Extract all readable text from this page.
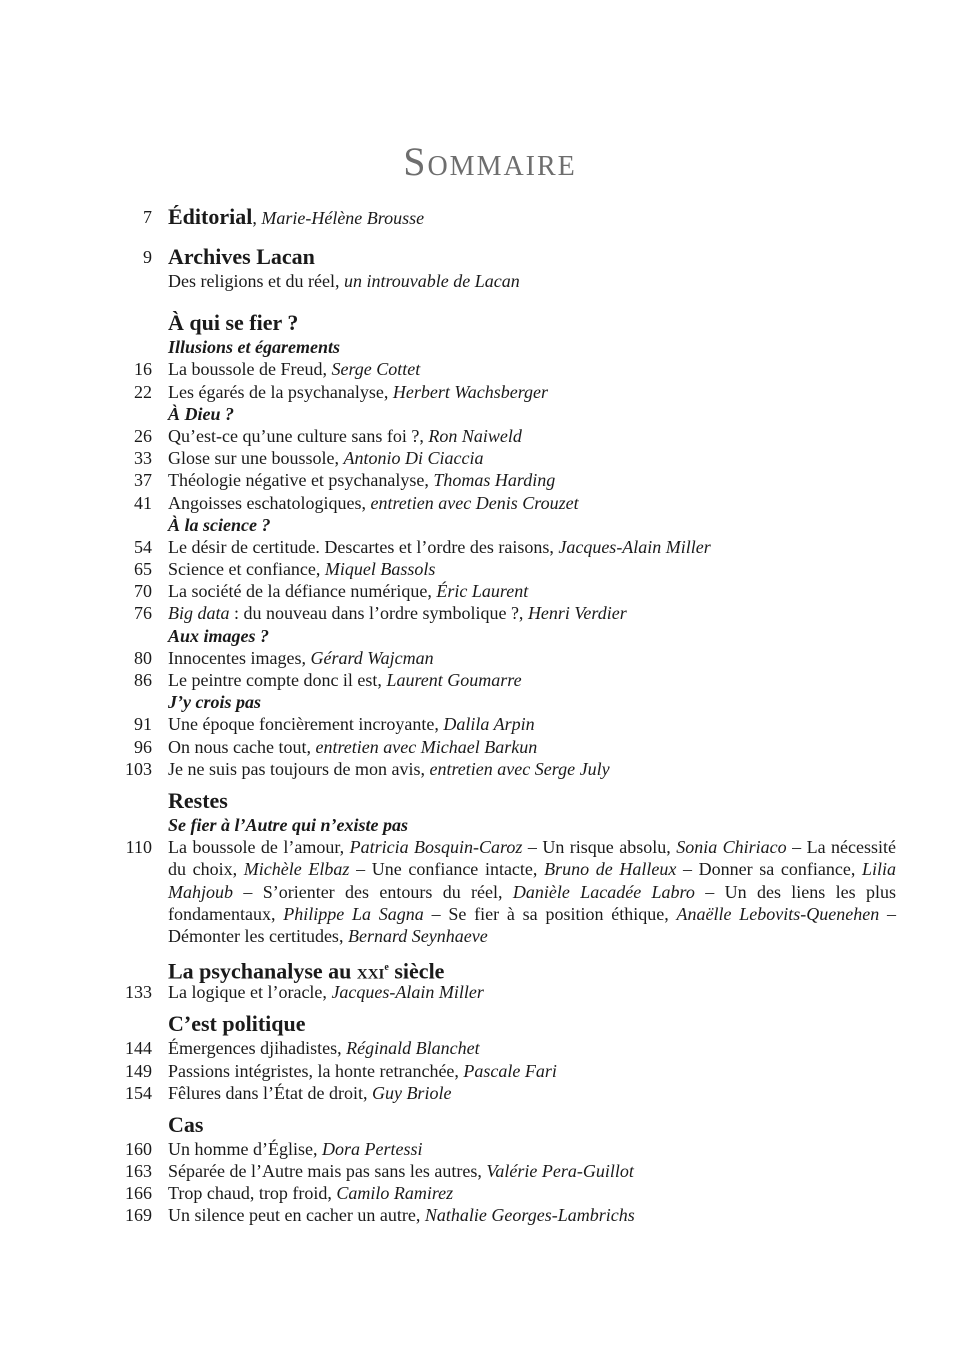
Sommaire
7 Éditorial, Marie-Hélène Brousse
9 Archives Lacan
Des religions et du réel, un introuvable de Lacan
À qui se fier ?
Illusions et égarements
16 La boussole de Freud, Serge Cottet
22 Les égarés de la psychanalyse, Herbert Wachsberger
À Dieu ?
26 Qu’est-ce qu’une culture sans foi ?, Ron Naiweld
33 Glose sur une boussole, Antonio Di Ciaccia
37 Théologie négative et psychanalyse, Thomas Harding
41 Angoisses eschatologiques, entretien avec Denis Crouzet
À la science ?
54 Le désir de certitude. Descartes et l’ordre des raisons, Jacques-Alain Miller
65 Science et confiance, Miquel Bassols
70 La société de la défiance numérique, Éric Laurent
76 Big data : du nouveau dans l’ordre symbolique ?, Henri Verdier
Aux images ?
80 Innocentes images, Gérard Wajcman
86 Le peintre compte donc il est, Laurent Goumarre
J’y crois pas
91 Une époque foncièrement incroyante, Dalila Arpin
96 On nous cache tout, entretien avec Michael Barkun
103 Je ne suis pas toujours de mon avis, entretien avec Serge July
Restes
Se fier à l’Autre qui n’existe pas
110 La boussole de l’amour, Patricia Bosquin-Caroz – Un risque absolu, Sonia Chiriaco – La nécessité du choix, Michèle Elbaz – Une confiance intacte, Bruno de Halleux – Donner sa confiance, Lilia Mahjoub – S’orienter des entours du réel, Danièle Lacadée Labro – Un des liens les plus fondamentaux, Philippe La Sagna – Se fier à sa position éthique, Anaëlle Lebovits-Quenehen – Démonter les certitudes, Bernard Seynhaeve
La psychanalyse au xxi$^e$ siècle
133 La logique et l’oracle, Jacques-Alain Miller
C’est politique
144 Émergences djihadistes, Réginald Blanchet
149 Passions intégristes, la honte retranchée, Pascale Fari
154 Fêlures dans l’État de droit, Guy Briole
Cas
160 Un homme d’Église, Dora Pertessi
163 Séparée de l’Autre mais pas sans les autres, Valérie Pera-Guillot
166 Trop chaud, trop froid, Camilo Ramirez
169 Un silence peut en cacher un autre, Nathalie Georges-Lambrichs
